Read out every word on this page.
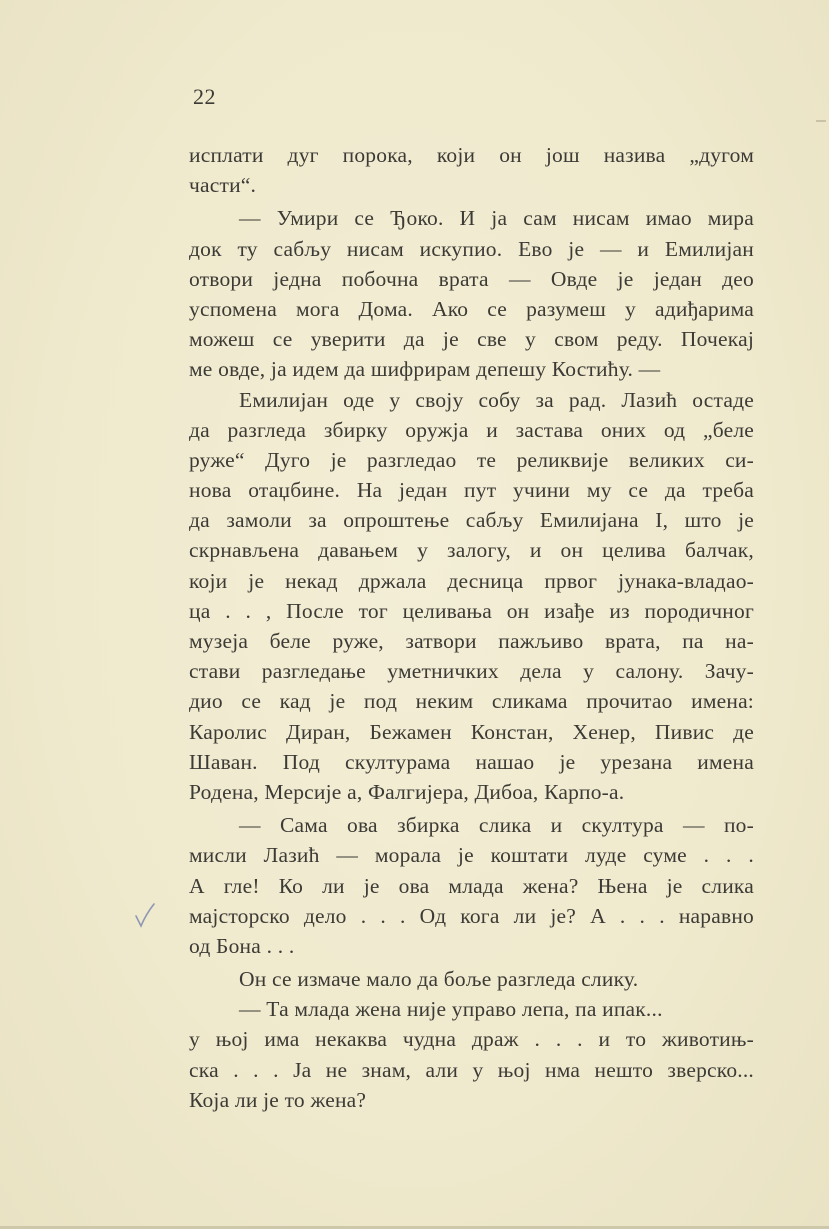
22
исплати дуг порока, који он још назива „дугом
части“.
— Умири се Ђоко. И ја сам нисам имао мира
док ту сабљу нисам искупио. Ево је — и Емилијан
отвори једна побочна врата — Овде је један део
успомена мога Дома. Ако се разумеш у адиђарима
можеш се уверити да је све у свом реду. Почекај
ме овде, ја идем да шифрирам депешу Костићу. —
Емилијан оде у своју собу за рад. Лазић остаде
да разгледа збирку оружја и застава оних од „беле
руже“ Дуго је разгледао те реликвије великих си-
нова отаџбине. На један пут учини му се да треба
да замоли за опроштење сабљу Емилијана I, што је
скрнављена давањем у залогу, и он целива балчак,
који је некад држала десница првог јунака-владао-
ца . . , После тог целивања он изађе из породичног
музеја беле руже, затвори пажљиво врата, па на-
стави разгледање уметничких дела у салону. Зачу-
дио се кад је под неким сликама прочитао имена:
Каролис Диран, Бежамен Констан, Хенер, Пивис де
Шаван. Под скултурама нашао је урезана имена
Родена, Мерсије а, Фалгијера, Дибоа, Карпо-а.
— Сама ова збирка слика и скултура — по-
мисли Лазић — морала је коштати луде суме . . .
А гле! Ко ли је ова млада жена? Њена је слика
мајсторско дело . . . Од кога ли је? А . . . наравно
од Бона . . .
Он се измаче мало да боље разгледа слику.
— Та млада жена није управо лепа, па ипак...
у њој има некаква чудна драж . . . и то животињ-
ска . . . Ја не знам, али у њој нма нешто зверско...
Која ли је то жена?
